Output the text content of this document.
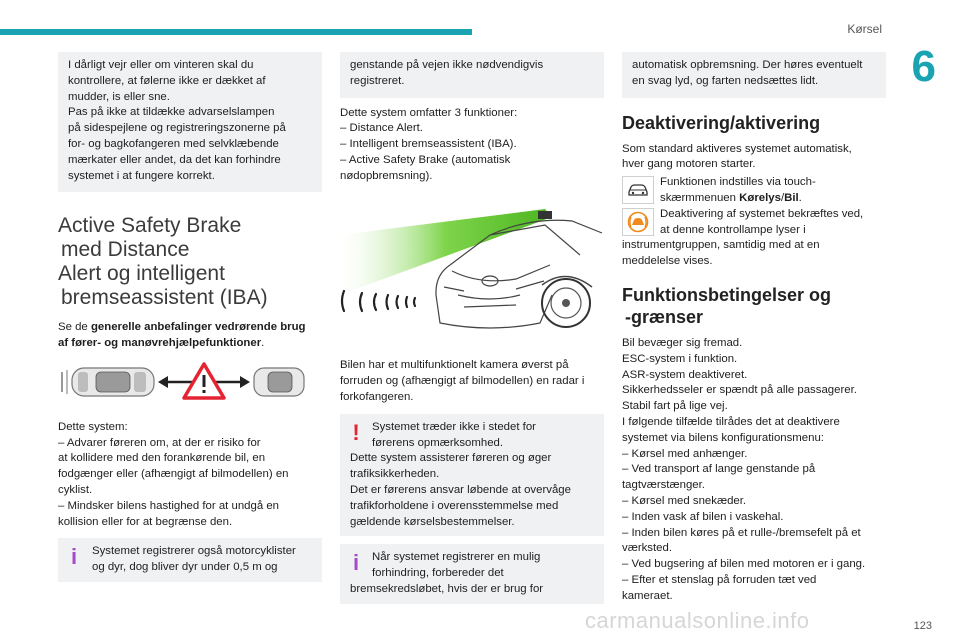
Kørsel
6
I dårligt vejr eller om vinteren skal du
kontrollere, at følerne ikke er dækket af
mudder, is eller sne.
Pas på ikke at tildække advarselslampen
på sidespejlene og registreringszonerne på
for- og bagkofangeren med selvklæbende
mærkater eller andet, da det kan forhindre
systemet i at fungere korrekt.
Active Safety Brake
med Distance
Alert og intelligent
bremseassistent (IBA)
Se de generelle anbefalinger vedrørende brug
af fører- og manøvrehjælpefunktioner.
Dette system:
– Advarer føreren om, at der er risiko for
at kollidere med den forankørende bil, en
fodgænger eller (afhængigt af bilmodellen) en
cyklist.
– Mindsker bilens hastighed for at undgå en
kollision eller for at begrænse den.
i	Systemet registrerer også motorcyklister
og dyr, dog bliver dyr under 0,5 m og
genstande på vejen ikke nødvendigvis
registreret.
Dette system omfatter 3 funktioner:
– Distance Alert.
– Intelligent bremseassistent (IBA).
– Active Safety Brake (automatisk
nødopbremsning).
Bilen har et multifunktionelt kamera øverst på
forruden og (afhængigt af bilmodellen) en radar i
forkofangeren.
!	Systemet træder ikke i stedet for
førerens opmærksomhed.
Dette system assisterer føreren og øger
trafiksikkerheden.
Det er førerens ansvar løbende at overvåge
trafikforholdene i overensstemmelse med
gældende kørselsbestemmelser.
i	Når systemet registrerer en mulig
forhindring, forbereder det
bremsekredsløbet, hvis der er brug for
automatisk opbremsning. Der høres eventuelt
en svag lyd, og farten nedsættes lidt.
Deaktivering/aktivering
Som standard aktiveres systemet automatisk,
hver gang motoren starter.
Funktionen indstilles via touch-
skærmmenuen Kørelys/Bil.
Deaktivering af systemet bekræftes ved,
at denne kontrollampe lyser i
instrumentgruppen, samtidig med at en
meddelelse vises.
Funktionsbetingelser og
-grænser
Bil bevæger sig fremad.
ESC-system i funktion.
ASR-system deaktiveret.
Sikkerhedsseler er spændt på alle passagerer.
Stabil fart på lige vej.
I følgende tilfælde tilrådes det at deaktivere
systemet via bilens konfigurationsmenu:
– Kørsel med anhænger.
– Ved transport af lange genstande på
tagtværstænger.
– Kørsel med snekæder.
– Inden vask af bilen i vaskehal.
– Inden bilen køres på et rulle-/bremsefelt på et
værksted.
– Ved bugsering af bilen med motoren er i gang.
– Efter et stenslag på forruden tæt ved
kameraet.
carmanualsonline.info	123
